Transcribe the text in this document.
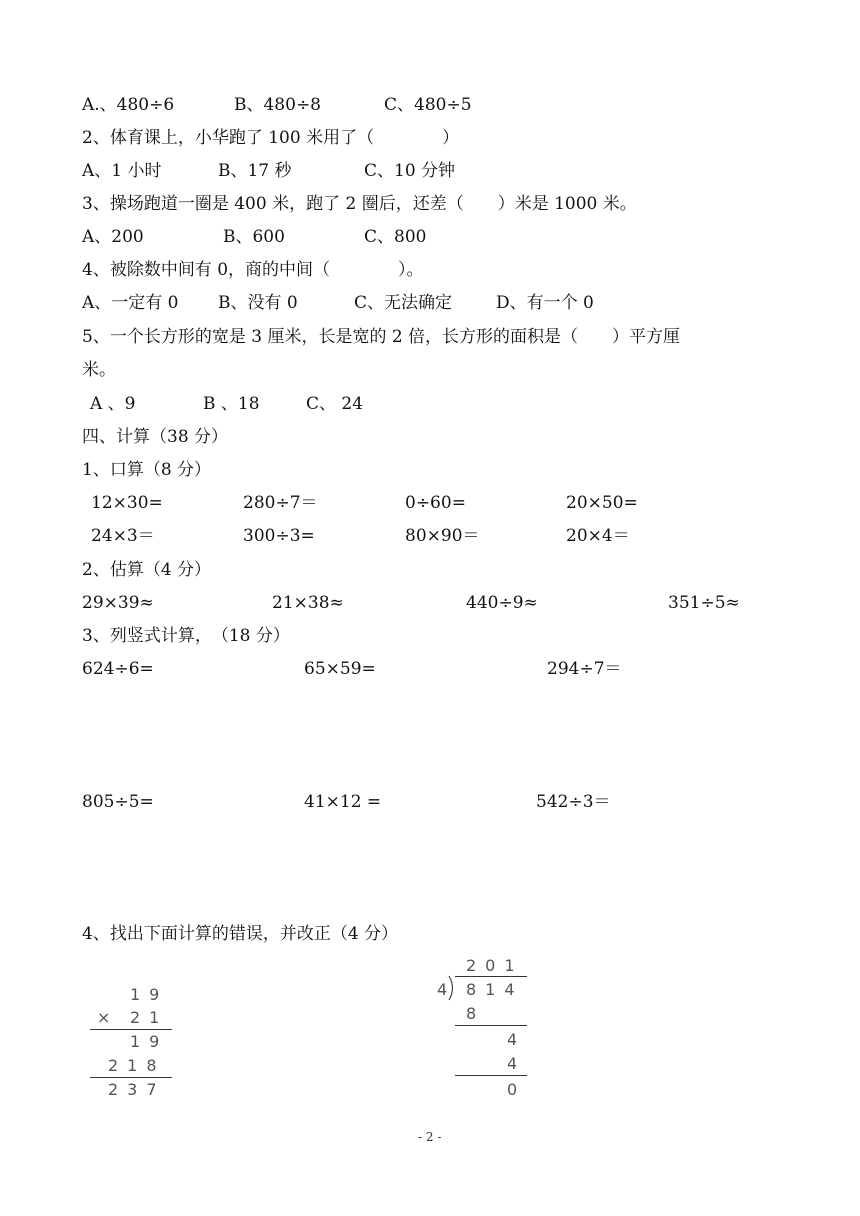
A.、480÷6	B、480÷8	C、480÷5
2、体育课上，小华跑了 100 米用了（　　　　）
A、1 小时	B、17 秒	C、10 分钟
3、操场跑道一圈是 400 米，跑了 2 圈后，还差（　　）米是 1000 米。
A、200	B、600	C、800
4、被除数中间有 0，商的中间（　　　　）。
A、一定有 0 B、没有 0	C、无法确定	D、有一个 0
5、一个长方形的宽是 3 厘米，长是宽的 2 倍，长方形的面积是（　　）平方厘
米。
A 、9	B 、18	C、 24
四、计算（38 分）
1、口算（8 分）
12×30=	280÷7＝	0÷60=	20×50=
24×3＝	300÷3=	80×90＝	20×4＝
2、估算（4 分）
29×39≈	21×38≈	440÷9≈	351÷5≈
3、列竖式计算，　（18 分）
624÷6=	65×59=	294÷7＝
805÷5=	41×12 =	542÷3＝
4、找出下面计算的错误，并改正（4 分）
19
× 21
19
218
237
201
4 814
8
4
4
0
- 2 -
